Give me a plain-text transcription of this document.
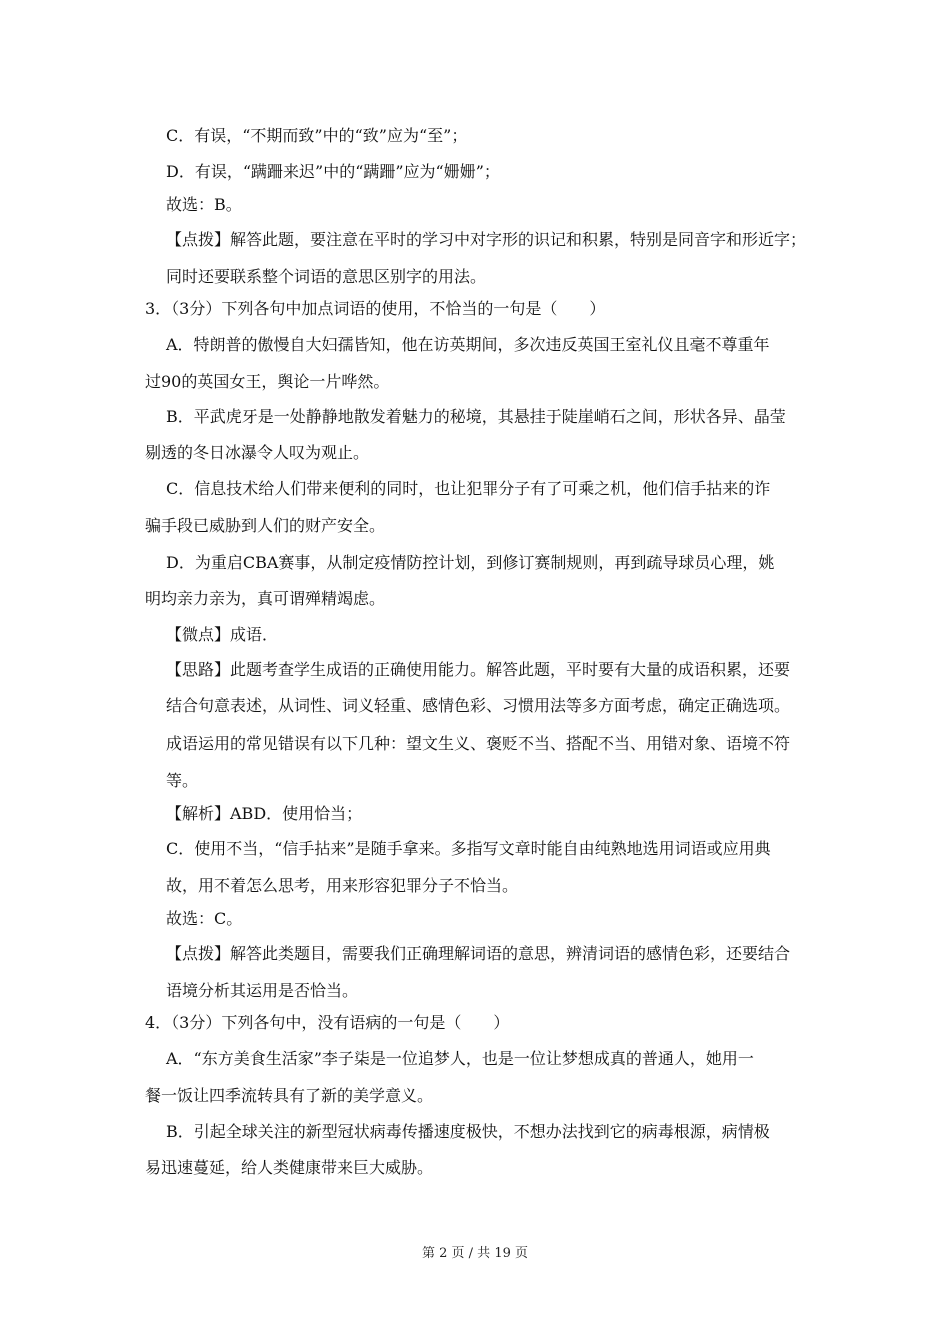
C．有误，“不期而致”中的“致”应为“至”；
D．有误，“蹒跚来迟”中的“蹒跚”应为“姗姗”；
故选：B。
【点拨】解答此题，要注意在平时的学习中对字形的识记和积累，特别是同音字和形近字；
同时还要联系整个词语的意思区别字的用法。
3．（3分）下列各句中加点词语的使用，不恰当的一句是（　　）
A．特朗普的傲慢自大妇孺皆知，他在访英期间，多次违反英国王室礼仪且毫不尊重年
过90的英国女王，舆论一片哗然。
B．平武虎牙是一处静静地散发着魅力的秘境，其悬挂于陡崖峭石之间，形状各异、晶莹
剔透的冬日冰瀑令人叹为观止。
C．信息技术给人们带来便利的同时，也让犯罪分子有了可乘之机，他们信手拈来的诈
骗手段已威胁到人们的财产安全。
D．为重启CBA赛事，从制定疫情防控计划，到修订赛制规则，再到疏导球员心理，姚
明均亲力亲为，真可谓殚精竭虑。
【微点】成语．
【思路】此题考查学生成语的正确使用能力。解答此题，平时要有大量的成语积累，还要
结合句意表述，从词性、词义轻重、感情色彩、习惯用法等多方面考虑，确定正确选项。
成语运用的常见错误有以下几种：望文生义、褒贬不当、搭配不当、用错对象、语境不符
等。
【解析】ABD．使用恰当；
C．使用不当，“信手拈来”是随手拿来。多指写文章时能自由纯熟地选用词语或应用典
故，用不着怎么思考，用来形容犯罪分子不恰当。
故选：C。
【点拨】解答此类题目，需要我们正确理解词语的意思，辨清词语的感情色彩，还要结合
语境分析其运用是否恰当。
4．（3分）下列各句中，没有语病的一句是（　　）
A．“东方美食生活家”李子柒是一位追梦人，也是一位让梦想成真的普通人，她用一
餐一饭让四季流转具有了新的美学意义。
B．引起全球关注的新型冠状病毒传播速度极快，不想办法找到它的病毒根源，病情极
易迅速蔓延，给人类健康带来巨大威胁。
第 2 页 / 共 19 页
